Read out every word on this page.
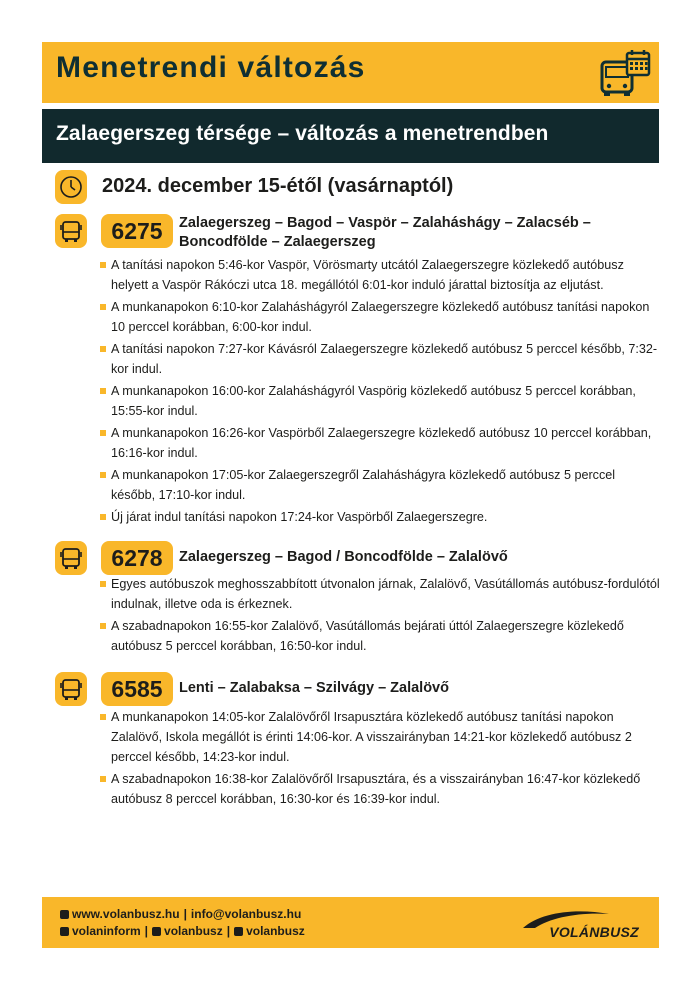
Menetrendi változás
Zalaegerszeg térsége – változás a menetrendben
2024. december 15-étől (vasárnaptól)
6275	Zalaegerszeg – Bagod – Vaspör – Zalaháshágy – Zalacséb – Boncodfölde – Zalaegerszeg
A tanítási napokon 5:46-kor Vaspör, Vörösmarty utcától Zalaegerszegre közlekedő autóbusz helyett a Vaspör Rákóczi utca 18. megállótól 6:01-kor induló járattal biztosítja az eljutást.
A munkanapokon 6:10-kor Zalaháshágyról Zalaegerszegre közlekedő autóbusz tanítási napokon 10 perccel korábban, 6:00-kor indul.
A tanítási napokon 7:27-kor Kávásról Zalaegerszegre közlekedő autóbusz 5 perccel később, 7:32-kor indul.
A munkanapokon 16:00-kor Zalaháshágyról Vaspörig közlekedő autóbusz 5 perccel korábban, 15:55-kor indul.
A munkanapokon 16:26-kor Vaspörből Zalaegerszegre közlekedő autóbusz 10 perccel korábban, 16:16-kor indul.
A munkanapokon 17:05-kor Zalaegerszegről Zalaháshágyra közlekedő autóbusz 5 perccel később, 17:10-kor indul.
Új járat indul tanítási napokon 17:24-kor Vaspörből Zalaegerszegre.
6278	Zalaegerszeg – Bagod / Boncodfölde – Zalalövő
Egyes autóbuszok meghosszabbított útvonalon járnak, Zalalövő, Vasútállomás autóbusz-fordulótól indulnak, illetve oda is érkeznek.
A szabadnapokon 16:55-kor Zalalövő, Vasútállomás bejárati úttól Zalaegerszegre közlekedő autóbusz 5 perccel korábban, 16:50-kor indul.
6585	Lenti – Zalabaksa – Szilvágy – Zalalövő
A munkanapokon 14:05-kor Zalalövőről Irsapusztára közlekedő autóbusz tanítási napokon Zalalövő, Iskola megállót is érinti 14:06-kor. A visszairányban 14:21-kor közlekedő autóbusz 2 perccel később, 14:23-kor indul.
A szabadnapokon 16:38-kor Zalalövőről Irsapusztára, és a visszairányban 16:47-kor közlekedő autóbusz 8 perccel korábban, 16:30-kor és 16:39-kor indul.
www.volanbusz.hu | info@volanbusz.hu
volaninform | volanbusz | volanbusz	VOLÁNBUSZ
